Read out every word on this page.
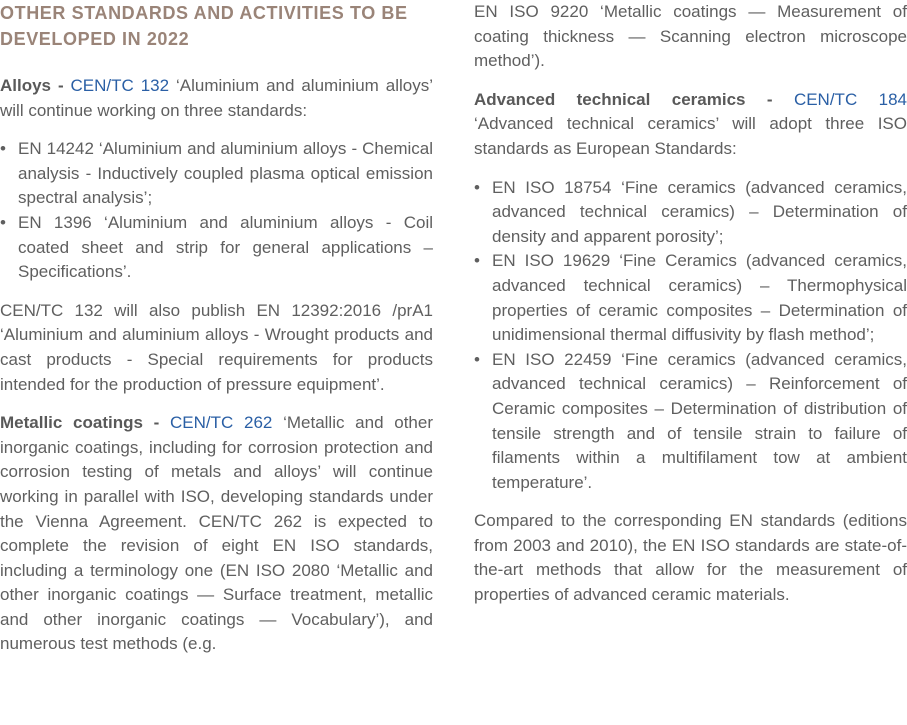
OTHER STANDARDS AND ACTIVITIES TO BE DEVELOPED IN 2022

Alloys - CEN/TC 132 ‘Aluminium and aluminium alloys’ will continue working on three standards:

• EN 14242 ‘Aluminium and aluminium alloys - Chemical analysis - Inductively coupled plasma optical emission spectral analysis’;
• EN 1396 ‘Aluminium and aluminium alloys - Coil coated sheet and strip for general applications – Specifications’.

CEN/TC 132 will also publish EN 12392:2016 /prA1 ‘Aluminium and aluminium alloys - Wrought products and cast products - Special requirements for products intended for the production of pressure equipment’.

Metallic coatings - CEN/TC 262 ‘Metallic and other inorganic coatings, including for corrosion protection and corrosion testing of metals and alloys’ will continue working in parallel with ISO, developing standards under the Vienna Agreement. CEN/TC 262 is expected to complete the revision of eight EN ISO standards, including a terminology one (EN ISO 2080 ‘Metallic and other inorganic coatings — Surface treatment, metallic and other inorganic coatings — Vocabulary’), and numerous test methods (e.g.

EN ISO 9220 ‘Metallic coatings — Measurement of coating thickness — Scanning electron microscope method’).

Advanced technical ceramics - CEN/TC 184 ‘Advanced technical ceramics’ will adopt three ISO standards as European Standards:

• EN ISO 18754 ‘Fine ceramics (advanced ceramics, advanced technical ceramics) – Determination of density and apparent porosity’;
• EN ISO 19629 ‘Fine Ceramics (advanced ceramics, advanced technical ceramics) – Thermophysical properties of ceramic composites – Determination of unidimensional thermal diffusivity by flash method’;
• EN ISO 22459 ‘Fine ceramics (advanced ceramics, advanced technical ceramics) – Reinforcement of Ceramic composites – Determination of distribution of tensile strength and of tensile strain to failure of filaments within a multifilament tow at ambient temperature’.

Compared to the corresponding EN standards (editions from 2003 and 2010), the EN ISO standards are state-of-the-art methods that allow for the measurement of properties of advanced ceramic materials.
